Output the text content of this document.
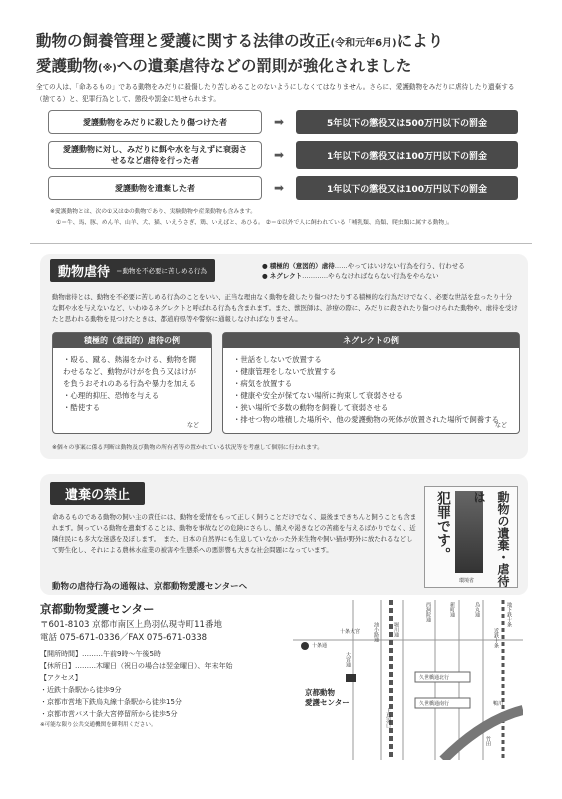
動物の飼養管理と愛護に関する法律の改正(令和元年6月)により
愛護動物(※)への遺棄虐待などの罰則が強化されました
全ての人は、「命あるもの」である動物をみだりに殺傷したり苦しめることのないようにしなくてはなりません。さらに、愛護動物をみだりに虐待したり遺棄する（捨てる）と、犯罪行為として、懲役や罰金に処せられます。
愛護動物をみだりに殺したり傷つけた者	➡	5年以下の懲役又は500万円以下の罰金
愛護動物に対し、みだりに餌や水を与えずに衰弱させるなど虐待を行った者	➡	1年以下の懲役又は100万円以下の罰金
愛護動物を遺棄した者	➡	1年以下の懲役又は100万円以下の罰金
※愛護動物とは、次の①又は②の動物であり、実験動物や産業動物も含みます。
①＝牛、馬、豚、めん羊、山羊、犬、猫、いえうさぎ、鶏、いえばと、あひる。 ②＝①以外で人に飼われている「哺乳類、鳥類、爬虫類に属する動物」。
動物虐待 ＝動物を不必要に苦しめる行為
● 積極的（意図的）虐待……やってはいけない行為を行う、行わせる
● ネグレクト…………やらなければならない行為をやらない
動物虐待とは、動物を不必要に苦しめる行為のことをいい、正当な理由なく動物を殺したり傷つけたりする積極的な行為だけでなく、必要な世話を怠ったり十分な餌や水を与えないなど、いわゆるネグレクトと呼ばれる行為も含まれます。また、獣医師は、診療の際に、みだりに殺されたり傷つけられた動物や、虐待を受けたと思われる動物を見つけたときは、都道府県等や警察に通報しなければなりません。
積極的（意図的）虐待の例
・ 殴る、蹴る、熱湯をかける、動物を闘わせるなど、動物がけがを負う又はけがを負うおそれのある行為や暴力を加える
・ 心理的抑圧、恐怖を与える
・ 酷使する
など
ネグレクトの例
・ 世話をしないで放置する
・ 健康管理をしないで放置する
・ 病気を放置する
・ 健康や安全が保てない場所に拘束して衰弱させる
・ 狭い場所で多数の動物を飼養して衰弱させる
・ 排せつ物の堆積した場所や、他の愛護動物の死体が放置された場所で飼養する
など
※個々の事案に係る判断は動物及び動物の所有者等の置かれている状況等を考慮して個別に行われます。
遺棄の禁止
命あるものである動物の飼い主の責任には、動物を愛情をもって正しく飼うことだけでなく、最後まできちんと飼うことも含まれます。飼っている動物を遺棄することは、動物を事故などの危険にさらし、餓えや渇きなどの苦痛を与えるばかりでなく、近隣住民にも多大な迷惑を及ぼします。　また、日本の自然界にも生息していなかった外来生物や飼い猫が野外に放たれるなどして野生化し、それによる農林水産業の被害や生態系への悪影響も大きな社会問題になっています。
動物の虐待行為の通報は、京都動物愛護センターへ
犯罪です。	動物の遺棄・虐待は
環境省
京都動物愛護センター
〒601-8103 京都市南区上鳥羽仏現寺町11番地
電話 075-671-0336／FAX 075-671-0338
【開所時間】………午前9時〜午後5時
【休所日】………木曜日（祝日の場合は翌金曜日）、年末年始
【アクセス】
・近鉄十条駅から徒歩9分
・京都市営地下鉄烏丸線十条駅から徒歩15分
・京都市営バス十条大宮停留所から徒歩5分
※可能な限り公共交通機関を御利用ください。
十条大宮
十条通
大宮通
油小路通	堀川通
西洞院通	新町通	烏丸通	地下鉄十条
近鉄十条
久世橋通北行
久世橋通南行
上鳥羽口
竹田
鴨川
京都動物
愛護センター
